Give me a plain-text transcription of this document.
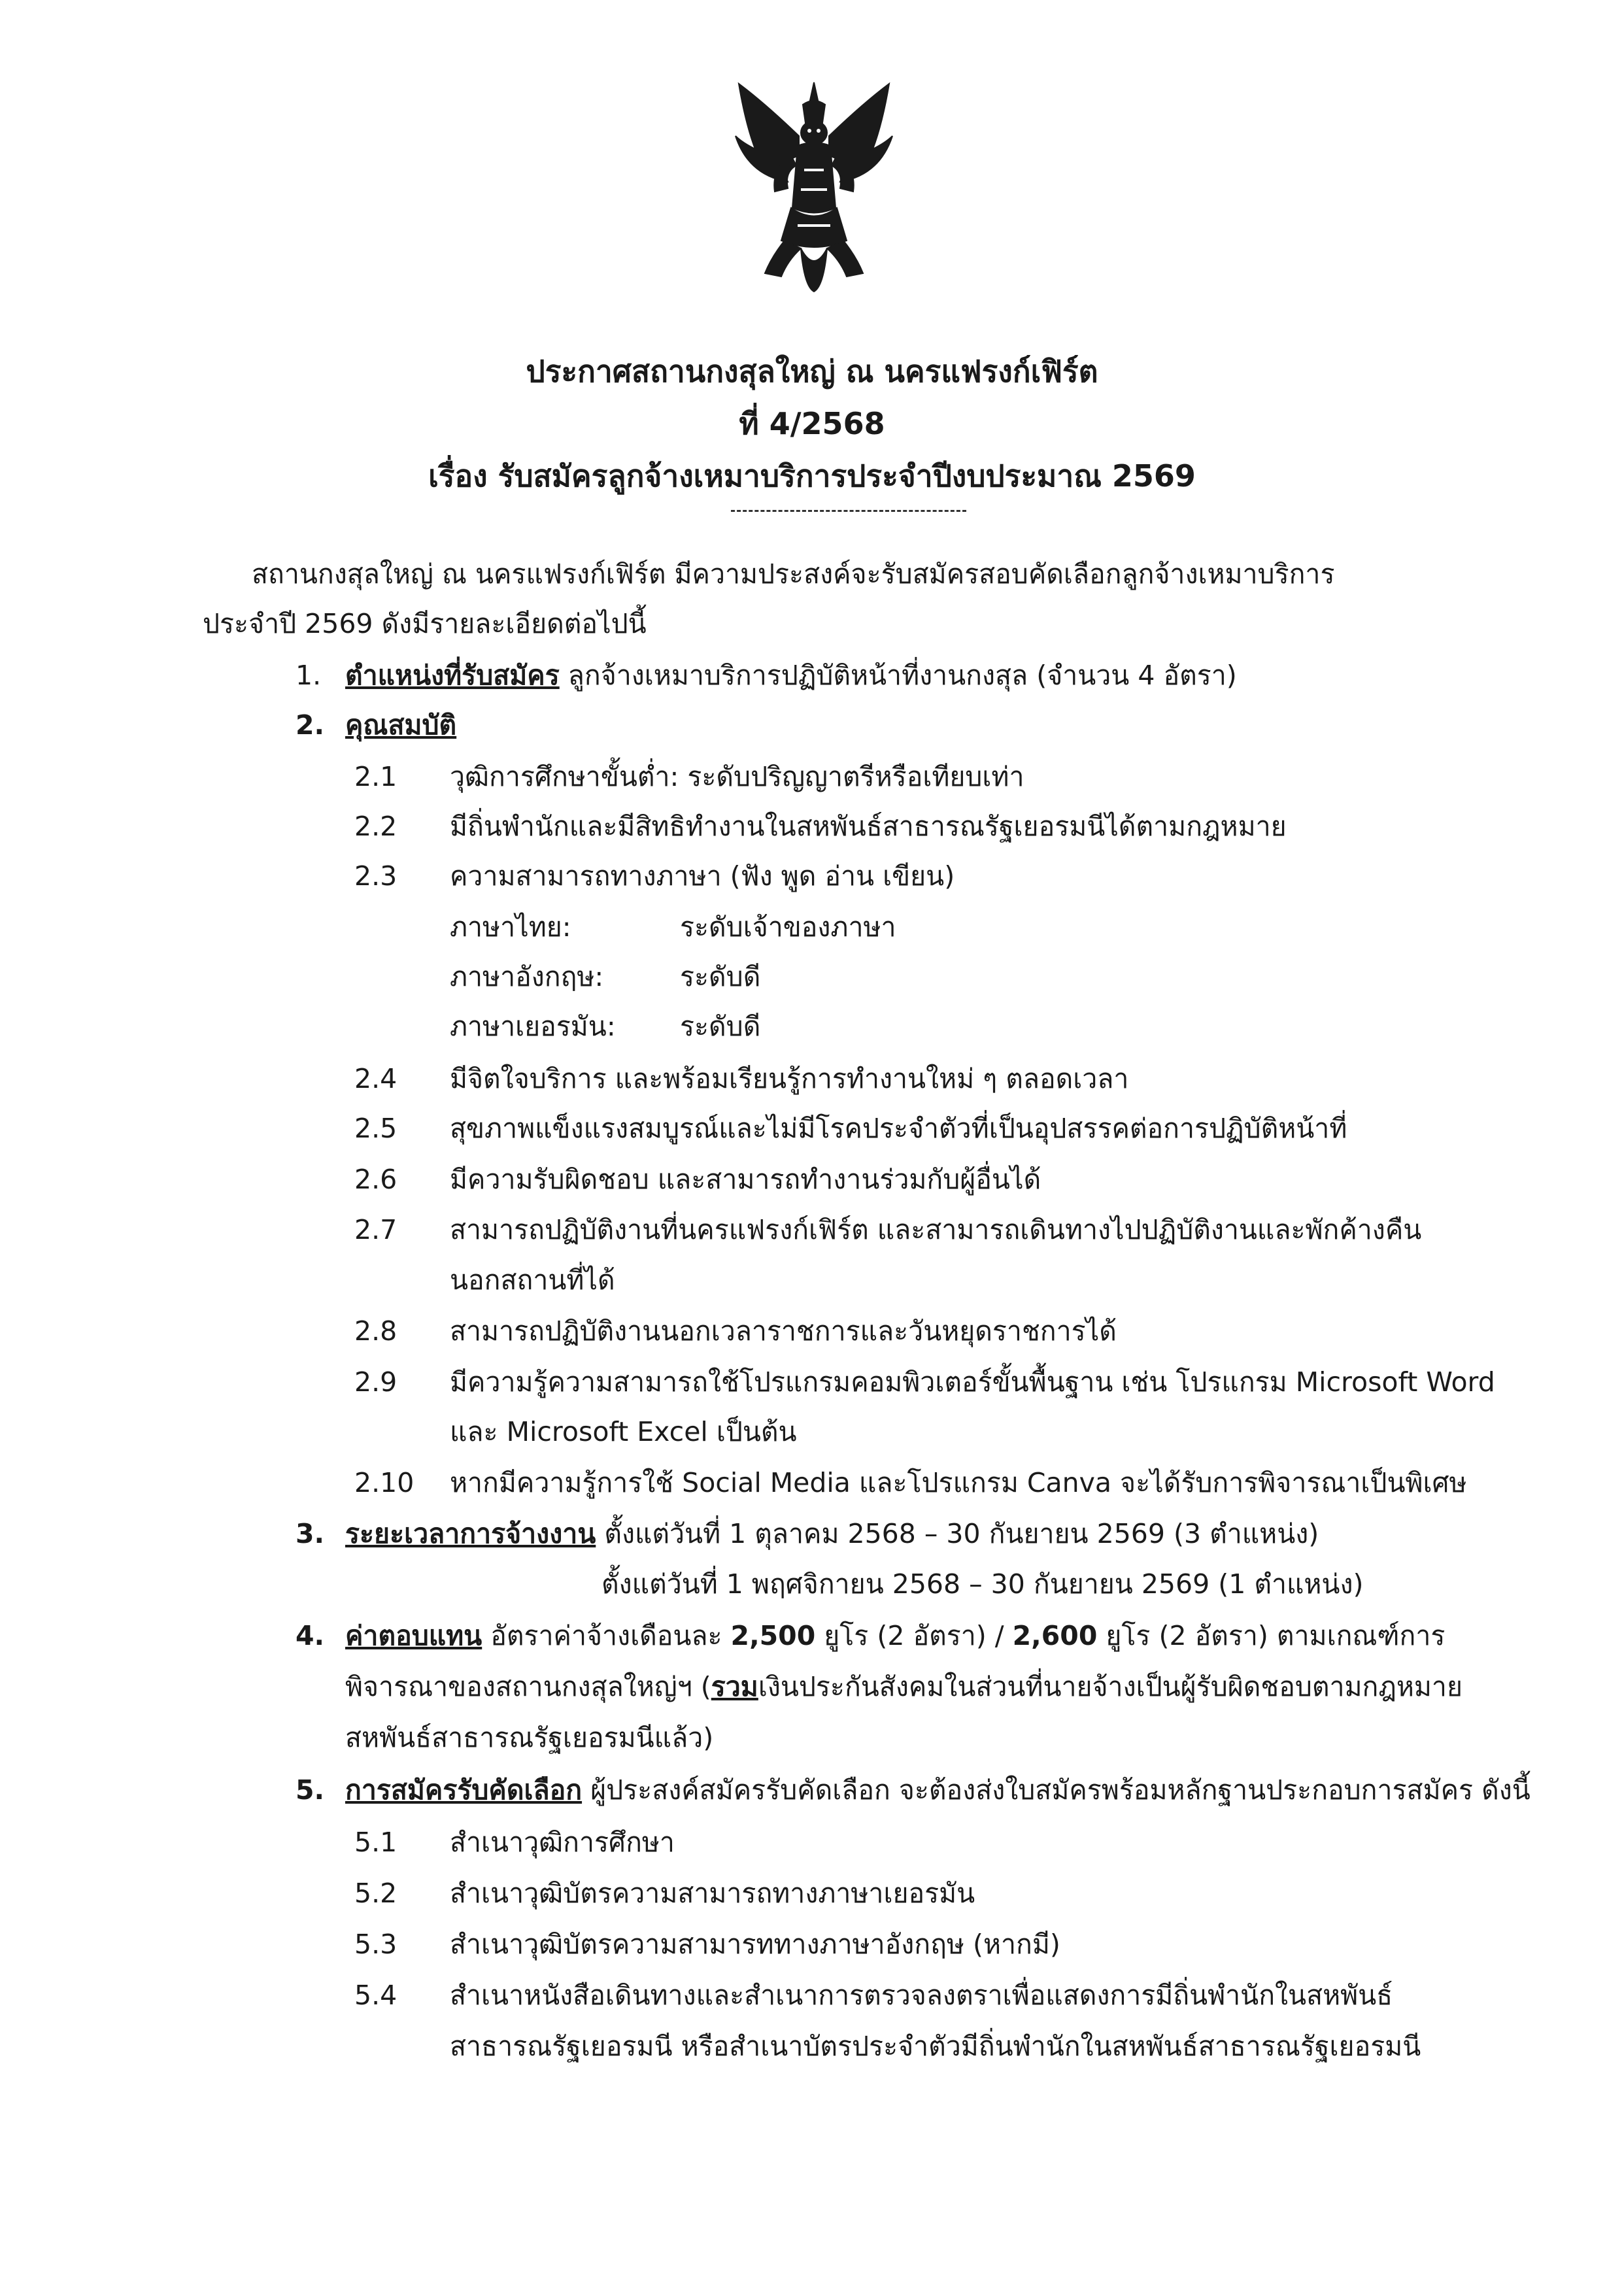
ประกาศสถานกงสุลใหญ่ ณ นครแฟรงก์เฟิร์ต
ที่ 4/2568
เรื่อง รับสมัครลูกจ้างเหมาบริการประจำปีงบประมาณ 2569
สถานกงสุลใหญ่ ณ นครแฟรงก์เฟิร์ต มีความประสงค์จะรับสมัครสอบคัดเลือกลูกจ้างเหมาบริการ
ประจำปี 2569 ดังมีรายละเอียดต่อไปนี้
1. ตำแหน่งที่รับสมัคร ลูกจ้างเหมาบริการปฏิบัติหน้าที่งานกงสุล (จำนวน 4 อัตรา)
2. คุณสมบัติ
2.1 วุฒิการศึกษาขั้นต่ำ: ระดับปริญญาตรีหรือเทียบเท่า
2.2 มีถิ่นพำนักและมีสิทธิทำงานในสหพันธ์สาธารณรัฐเยอรมนีได้ตามกฎหมาย
2.3 ความสามารถทางภาษา (ฟัง พูด อ่าน เขียน)
ภาษาไทย:	ระดับเจ้าของภาษา
ภาษาอังกฤษ:	ระดับดี
ภาษาเยอรมัน: ระดับดี
2.4 มีจิตใจบริการ และพร้อมเรียนรู้การทำงานใหม่ ๆ ตลอดเวลา
2.5 สุขภาพแข็งแรงสมบูรณ์และไม่มีโรคประจำตัวที่เป็นอุปสรรคต่อการปฏิบัติหน้าที่
2.6 มีความรับผิดชอบ และสามารถทำงานร่วมกับผู้อื่นได้
2.7 สามารถปฏิบัติงานที่นครแฟรงก์เฟิร์ต และสามารถเดินทางไปปฏิบัติงานและพักค้างคืน
นอกสถานที่ได้
2.8 สามารถปฏิบัติงานนอกเวลาราชการและวันหยุดราชการได้
2.9 มีความรู้ความสามารถใช้โปรแกรมคอมพิวเตอร์ขั้นพื้นฐาน เช่น โปรแกรม Microsoft Word
และ Microsoft Excel เป็นต้น
2.10 หากมีความรู้การใช้ Social Media และโปรแกรม Canva จะได้รับการพิจารณาเป็นพิเศษ
3. ระยะเวลาการจ้างงาน ตั้งแต่วันที่ 1 ตุลาคม 2568 – 30 กันยายน 2569 (3 ตำแหน่ง)
ตั้งแต่วันที่ 1 พฤศจิกายน 2568 – 30 กันยายน 2569 (1 ตำแหน่ง)
4. ค่าตอบแทน อัตราค่าจ้างเดือนละ 2,500 ยูโร (2 อัตรา) / 2,600 ยูโร (2 อัตรา) ตามเกณฑ์การ
พิจารณาของสถานกงสุลใหญ่ฯ (รวมเงินประกันสังคมในส่วนที่นายจ้างเป็นผู้รับผิดชอบตามกฎหมาย
สหพันธ์สาธารณรัฐเยอรมนีแล้ว)
5. การสมัครรับคัดเลือก ผู้ประสงค์สมัครรับคัดเลือก จะต้องส่งใบสมัครพร้อมหลักฐานประกอบการสมัคร ดังนี้
5.1 สำเนาวุฒิการศึกษา
5.2 สำเนาวุฒิบัตรความสามารถทางภาษาเยอรมัน
5.3 สำเนาวุฒิบัตรความสามารททางภาษาอังกฤษ (หากมี)
5.4 สำเนาหนังสือเดินทางและสำเนาการตรวจลงตราเพื่อแสดงการมีถิ่นพำนักในสหพันธ์
สาธารณรัฐเยอรมนี หรือสำเนาบัตรประจำตัวมีถิ่นพำนักในสหพันธ์สาธารณรัฐเยอรมนี
